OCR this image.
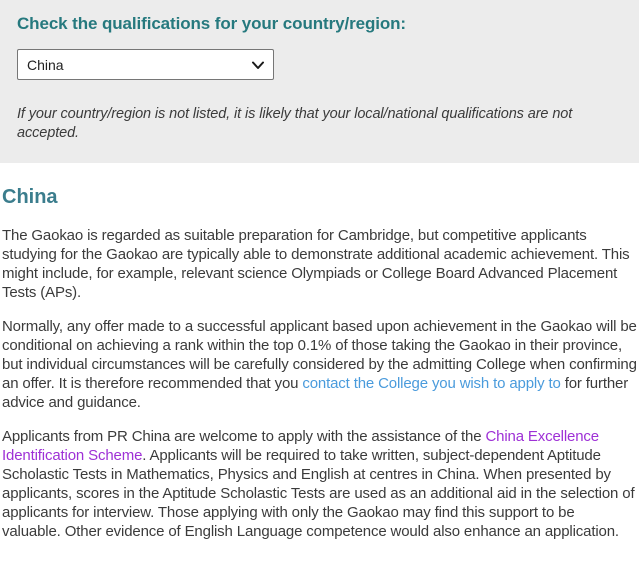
Check the qualifications for your country/region:
China

If your country/region is not listed, it is likely that your local/national qualifications are not accepted.

China

The Gaokao is regarded as suitable preparation for Cambridge, but competitive applicants studying for the Gaokao are typically able to demonstrate additional academic achievement. This might include, for example, relevant science Olympiads or College Board Advanced Placement Tests (APs).

Normally, any offer made to a successful applicant based upon achievement in the Gaokao will be conditional on achieving a rank within the top 0.1% of those taking the Gaokao in their province, but individual circumstances will be carefully considered by the admitting College when confirming an offer. It is therefore recommended that you contact the College you wish to apply to for further advice and guidance.

Applicants from PR China are welcome to apply with the assistance of the China Excellence Identification Scheme. Applicants will be required to take written, subject-dependent Aptitude Scholastic Tests in Mathematics, Physics and English at centres in China. When presented by applicants, scores in the Aptitude Scholastic Tests are used as an additional aid in the selection of applicants for interview. Those applying with only the Gaokao may find this support to be valuable. Other evidence of English Language competence would also enhance an application.
